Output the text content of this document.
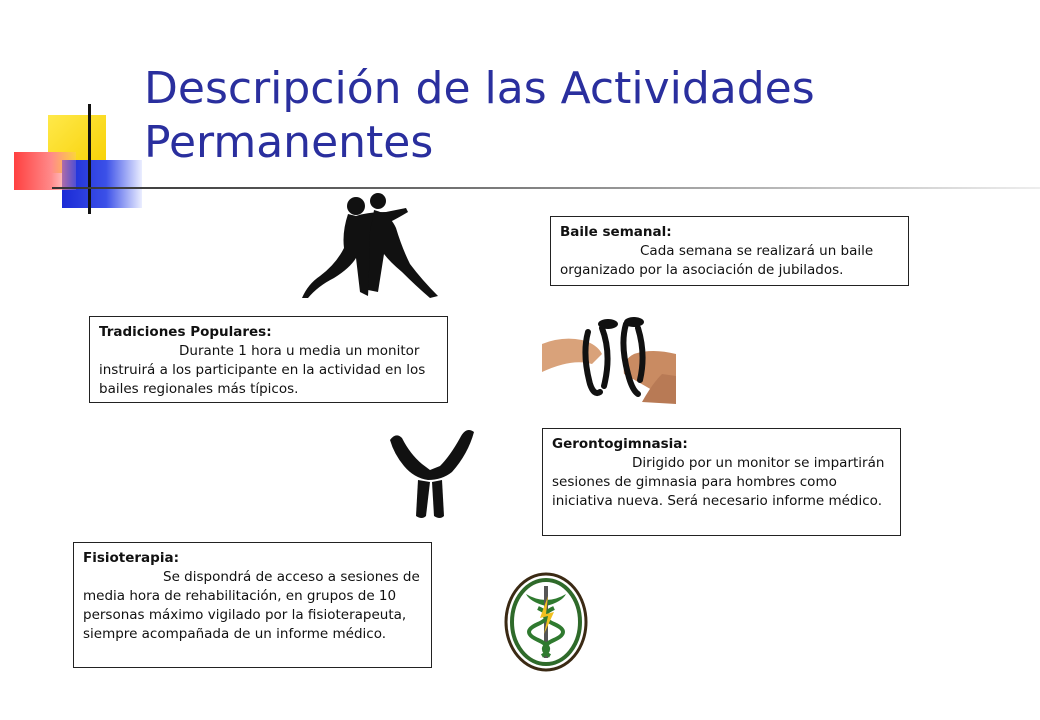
Descripción de las Actividades Permanentes
Baile semanal:
Cada semana se realizará un baile organizado por la asociación de jubilados.
Tradiciones Populares:
Durante 1 hora u media un monitor instruirá a los participante en la actividad en los bailes regionales más típicos.
Gerontogimnasia:
Dirigido por un monitor se impartirán sesiones de gimnasia para hombres como iniciativa nueva. Será necesario informe médico.
Fisioterapia:
Se dispondrá de acceso a sesiones de media hora de rehabilitación, en grupos de 10 personas máximo vigilado por la fisioterapeuta, siempre acompañada de un informe médico.
